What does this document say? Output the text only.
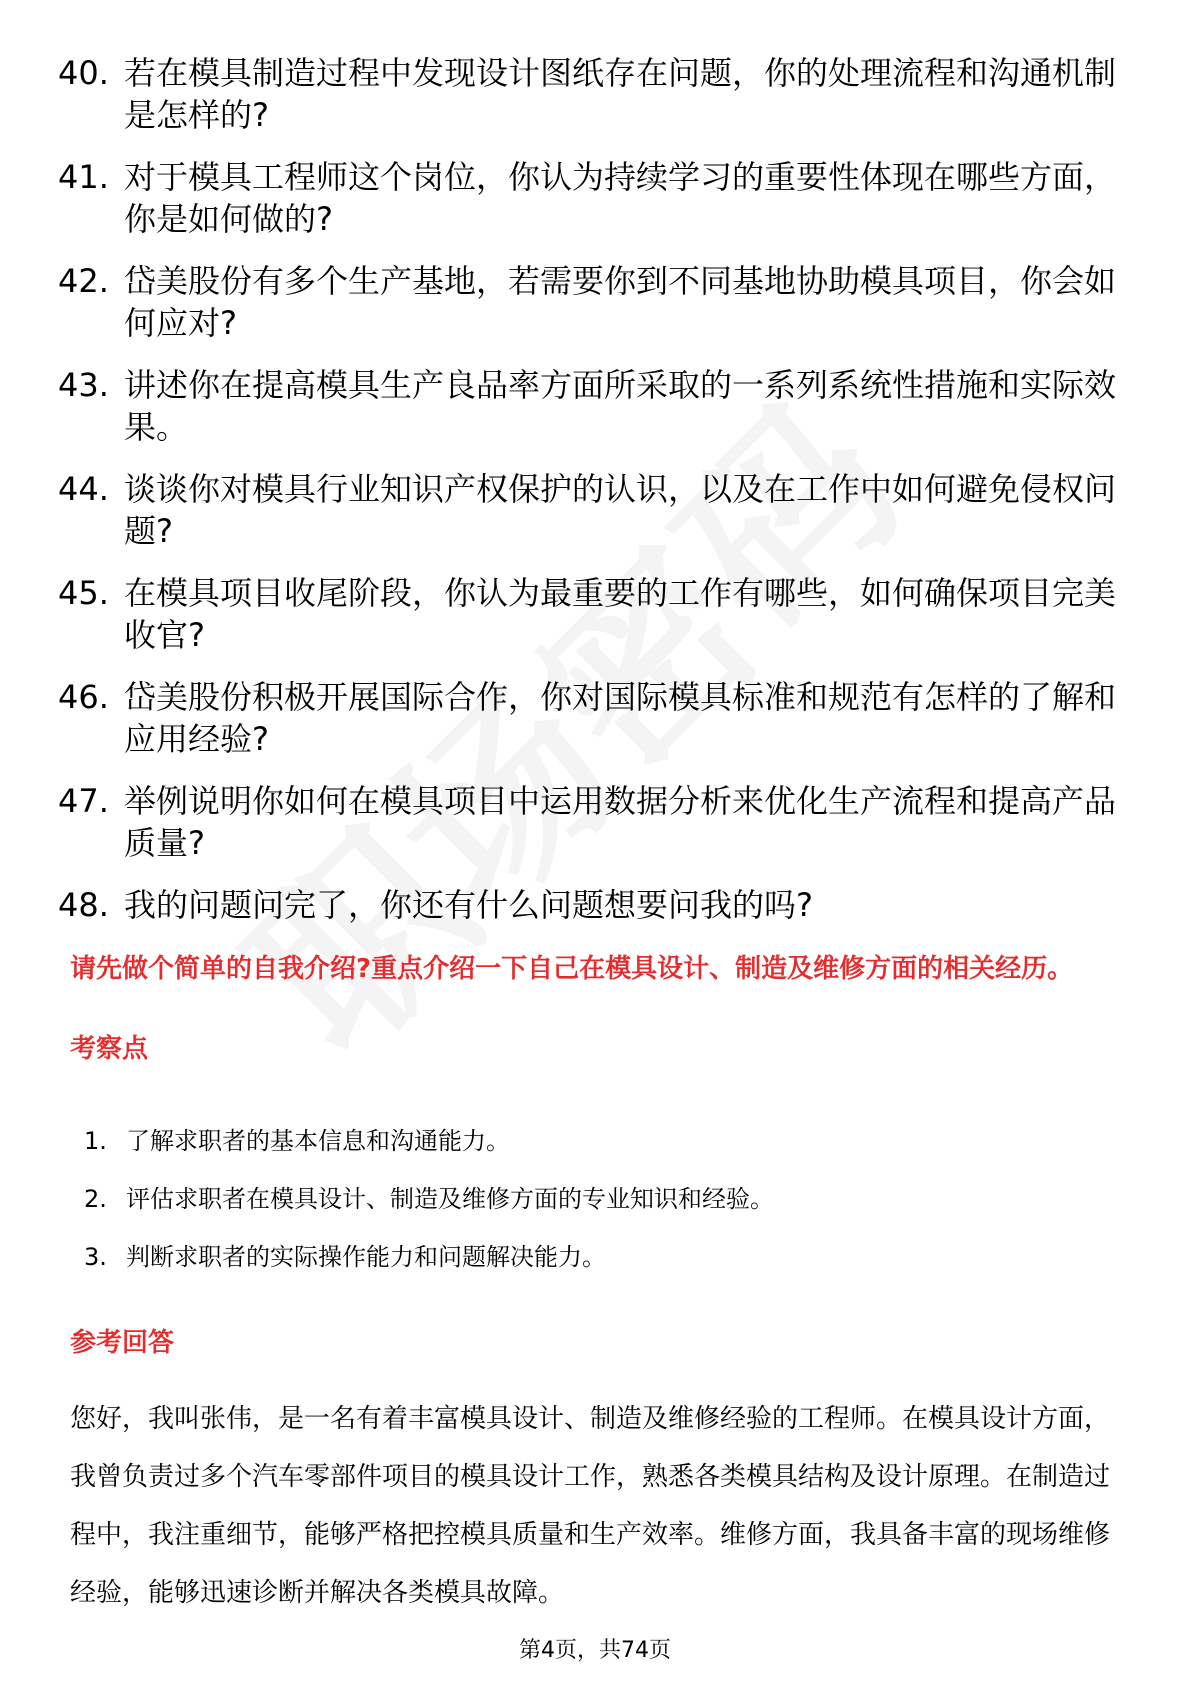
40. 若在模具制造过程中发现设计图纸存在问题，你的处理流程和沟通机制是怎样的?
41. 对于模具工程师这个岗位，你认为持续学习的重要性体现在哪些方面，你是如何做的?
42. 岱美股份有多个生产基地，若需要你到不同基地协助模具项目，你会如何应对?
43. 讲述你在提高模具生产良品率方面所采取的一系列系统性措施和实际效果。
44. 谈谈你对模具行业知识产权保护的认识，以及在工作中如何避免侵权问题?
45. 在模具项目收尾阶段，你认为最重要的工作有哪些，如何确保项目完美收官?
46. 岱美股份积极开展国际合作，你对国际模具标准和规范有怎样的了解和应用经验?
47. 举例说明你如何在模具项目中运用数据分析来优化生产流程和提高产品质量?
48. 我的问题问完了，你还有什么问题想要问我的吗?
请先做个简单的自我介绍?重点介绍一下自己在模具设计、制造及维修方面的相关经历。
考察点
1. 了解求职者的基本信息和沟通能力。
2. 评估求职者在模具设计、制造及维修方面的专业知识和经验。
3. 判断求职者的实际操作能力和问题解决能力。
参考回答

您好，我叫张伟，是一名有着丰富模具设计、制造及维修经验的工程师。在模具设计方面，我曾负责过多个汽车零部件项目的模具设计工作，熟悉各类模具结构及设计原理。在制造过程中，我注重细节，能够严格把控模具质量和生产效率。维修方面，我具备丰富的现场维修经验，能够迅速诊断并解决各类模具故障。

第4页，共74页
